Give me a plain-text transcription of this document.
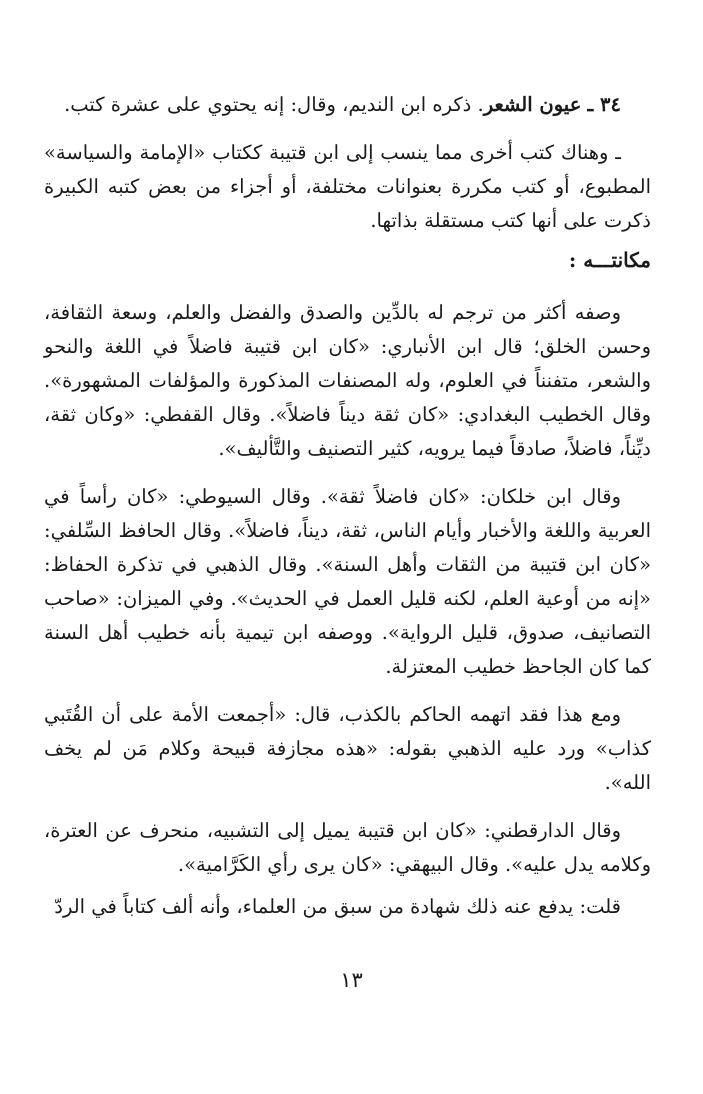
٣٤ ـ عيون الشعر. ذكره ابن النديم، وقال: إنه يحتوي على عشرة كتب.

ـ وهناك كتب أخرى مما ينسب إلى ابن قتيبة ككتاب «الإمامة والسياسة» المطبوع، أو كتب مكررة بعنوانات مختلفة، أو أجزاء من بعض كتبه الكبيرة ذكرت على أنها كتب مستقلة بذاتها.

مكانتـــه :

وصفه أكثر من ترجم له بالدِّين والصدق والفضل والعلم، وسعة الثقافة، وحسن الخلق؛ قال ابن الأنباري: «كان ابن قتيبة فاضلاً في اللغة والنحو والشعر، متفنناً في العلوم، وله المصنفات المذكورة والمؤلفات المشهورة». وقال الخطيب البغدادي: «كان ثقة ديناً فاضلاً». وقال القفطي: «وكان ثقة، ديِّناً، فاضلاً، صادقاً فيما يرويه، كثير التصنيف والتَّأليف».

وقال ابن خلكان: «كان فاضلاً ثقة». وقال السيوطي: «كان رأساً في العربية واللغة والأخبار وأيام الناس، ثقة، ديناً، فاضلاً». وقال الحافظ السِّلفي: «كان ابن قتيبة من الثقات وأهل السنة». وقال الذهبي في تذكرة الحفاظ: «إنه من أوعية العلم، لكنه قليل العمل في الحديث». وفي الميزان: «صاحب التصانيف، صدوق، قليل الرواية». ووصفه ابن تيمية بأنه خطيب أهل السنة كما كان الجاحظ خطيب المعتزلة.

ومع هذا فقد اتهمه الحاكم بالكذب، قال: «أجمعت الأمة على أن القُتَبي كذاب» ورد عليه الذهبي بقوله: «هذه مجازفة قبيحة وكلام مَن لم يخف الله».

وقال الدارقطني: «كان ابن قتيبة يميل إلى التشبيه، منحرف عن العترة، وكلامه يدل عليه». وقال البيهقي: «كان يرى رأي الكَرَّامية».

قلت: يدفع عنه ذلك شهادة من سبق من العلماء، وأنه ألف كتاباً في الردّ

١٣
